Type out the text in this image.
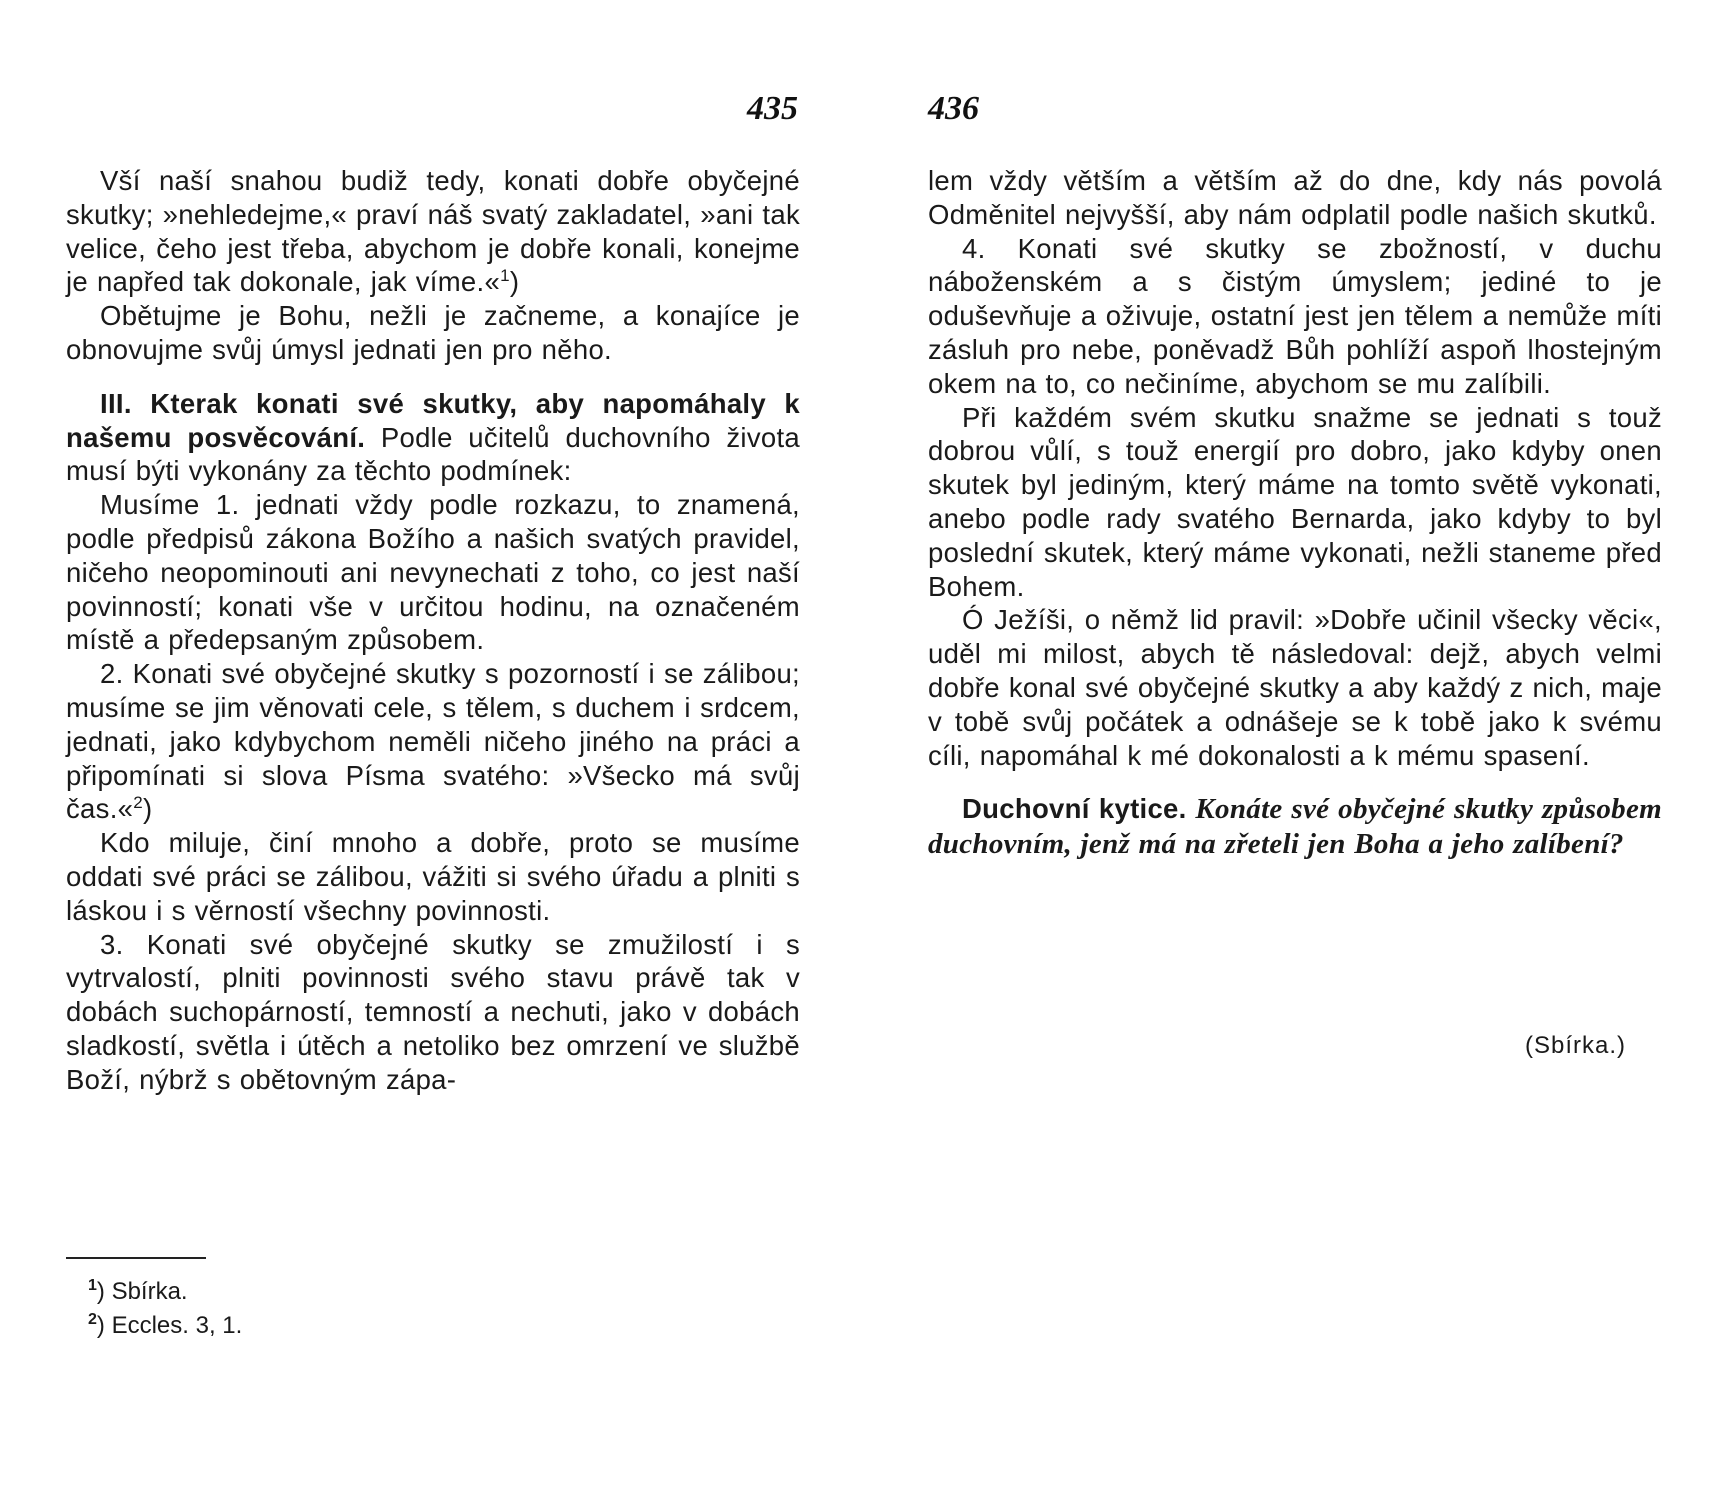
435

Vší naší snahou budiž tedy, konati dobře obyčejné skutky; »nehledejme,« praví náš svatý zakladatel, »ani tak velice, čeho jest třeba, abychom je dobře konali, konejme je napřed tak dokonale, jak víme.«$^1$)

Obětujme je Bohu, nežli je začneme, a konajíce je obnovujme svůj úmysl jednati jen pro něho.

III. Kterak konati své skutky, aby napomáhaly k našemu posvěcování. Podle učitelů duchovního života musí býti vykonány za těchto podmínek:

Musíme 1. jednati vždy podle rozkazu, to znamená, podle předpisů zákona Božího a našich svatých pravidel, ničeho neopominouti ani nevynechati z toho, co jest naší povinností; konati vše v určitou hodinu, na označeném místě a předepsaným způsobem.

2. Konati své obyčejné skutky s pozorností i se zálibou; musíme se jim věnovati cele, s tělem, s duchem i srdcem, jednati, jako kdybychom neměli ničeho jiného na práci a připomínati si slova Písma svatého: »Všecko má svůj čas.«$^2$)

Kdo miluje, činí mnoho a dobře, proto se musíme oddati své práci se zálibou, vážiti si svého úřadu a plniti s láskou i s věrností všechny povinnosti.

3. Konati své obyčejné skutky se zmužilostí i s vytrvalostí, plniti povinnosti svého stavu právě tak v dobách suchopárností, temností a nechuti, jako v dobách sladkostí, světla i útěch a netoliko bez omrzení ve službě Boží, nýbrž s obětovným zápa-

$^1$) Sbírka.
$^2$) Eccles. 3, 1.
436

lem vždy větším a větším až do dne, kdy nás povolá Odměnitel nejvyšší, aby nám odplatil podle našich skutků.

4. Konati své skutky se zbožností, v duchu náboženském a s čistým úmyslem; jediné to je oduševňuje a oživuje, ostatní jest jen tělem a nemůže míti zásluh pro nebe, poněvadž Bůh pohlíží aspoň lhostejným okem na to, co nečiníme, abychom se mu zalíbili.

Při každém svém skutku snažme se jednati s touž dobrou vůlí, s touž energií pro dobro, jako kdyby onen skutek byl jediným, který máme na tomto světě vykonati, anebo podle rady svatého Bernarda, jako kdyby to byl poslední skutek, který máme vykonati, nežli staneme před Bohem.

Ó Ježíši, o němž lid pravil: »Dobře učinil všecky věci«, uděl mi milost, abych tě následoval: dejž, abych velmi dobře konal své obyčejné skutky a aby každý z nich, maje v tobě svůj počátek a odnášeje se k tobě jako k svému cíli, napomáhal k mé dokonalosti a k mému spasení.

Duchovní kytice. Konáte své obyčejné skutky způsobem duchovním, jenž má na zřeteli jen Boha a jeho zalíbení?

(Sbírka.)
